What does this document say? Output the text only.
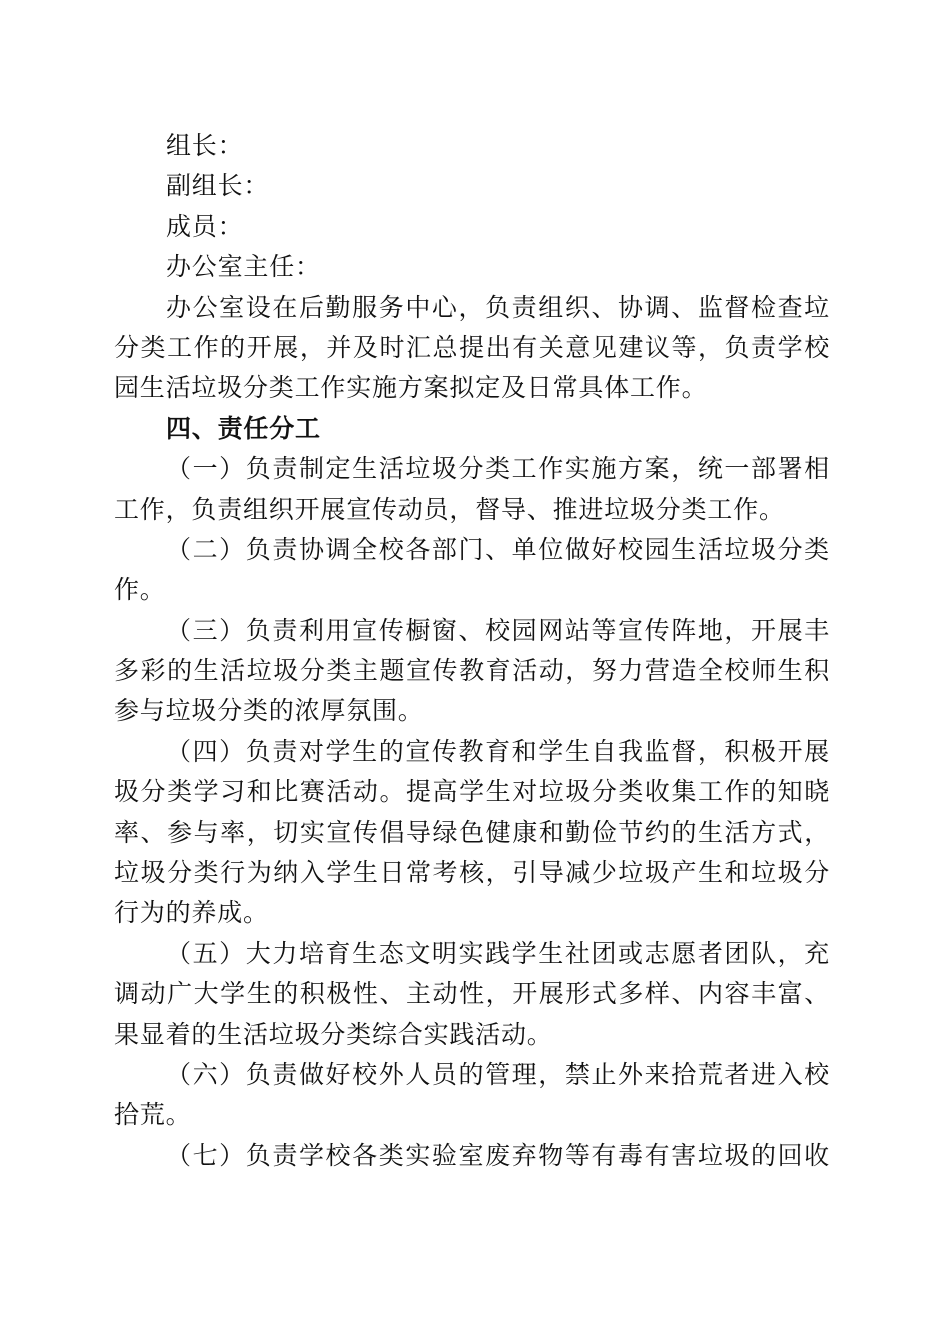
组长：
副组长：
成员：
办公室主任：
办公室设在后勤服务中心，负责组织、协调、监督检查垃
分类工作的开展，并及时汇总提出有关意见建议等，负责学校
园生活垃圾分类工作实施方案拟定及日常具体工作。
四、责任分工
（一）负责制定生活垃圾分类工作实施方案，统一部署相
工作，负责组织开展宣传动员，督导、推进垃圾分类工作。
（二）负责协调全校各部门、单位做好校园生活垃圾分类
作。
（三）负责利用宣传橱窗、校园网站等宣传阵地，开展丰
多彩的生活垃圾分类主题宣传教育活动，努力营造全校师生积
参与垃圾分类的浓厚氛围。
（四）负责对学生的宣传教育和学生自我监督，积极开展
圾分类学习和比赛活动。提高学生对垃圾分类收集工作的知晓
率、参与率，切实宣传倡导绿色健康和勤俭节约的生活方式，
垃圾分类行为纳入学生日常考核，引导减少垃圾产生和垃圾分
行为的养成。
（五）大力培育生态文明实践学生社团或志愿者团队，充
调动广大学生的积极性、主动性，开展形式多样、内容丰富、
果显着的生活垃圾分类综合实践活动。
（六）负责做好校外人员的管理，禁止外来拾荒者进入校
拾荒。
（七）负责学校各类实验室废弃物等有毒有害垃圾的回收
